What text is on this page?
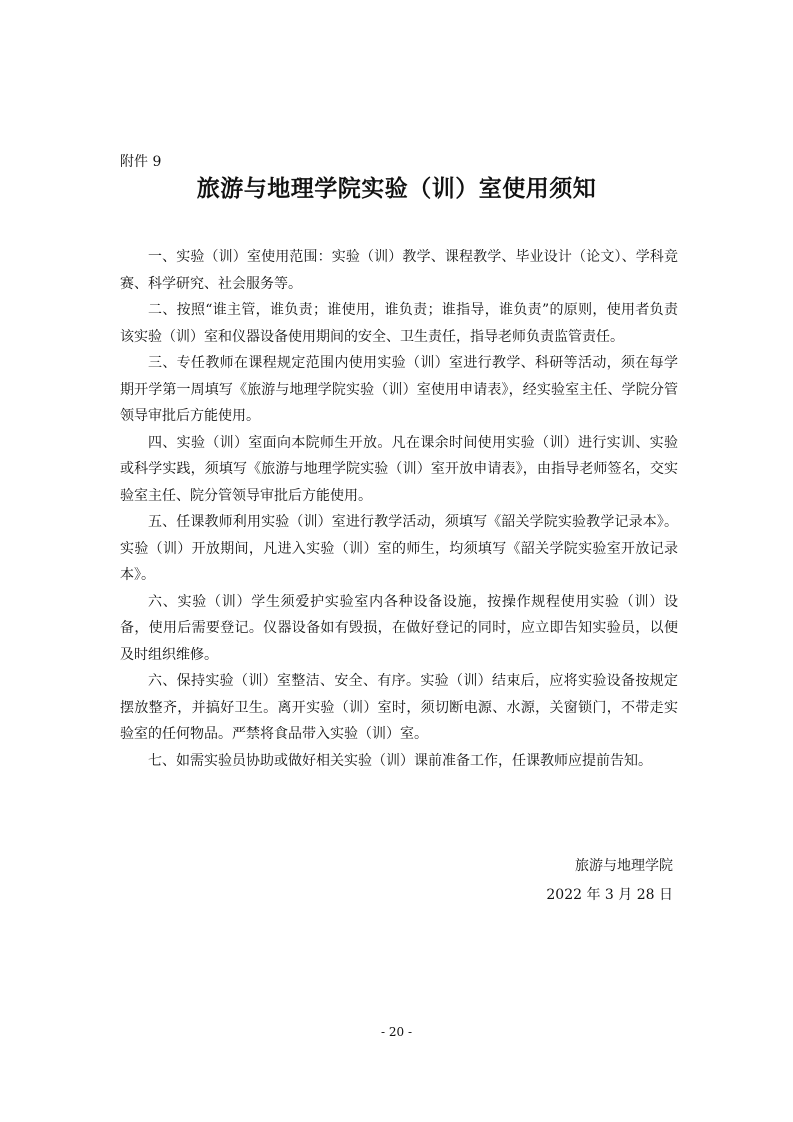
附件 9
旅游与地理学院实验（训）室使用须知

一、实验（训）室使用范围：实验（训）教学、课程教学、毕业设计（论文）、学科竞赛、科学研究、社会服务等。

二、按照“谁主管，谁负责；谁使用，谁负责；谁指导，谁负责”的原则，使用者负责该实验（训）室和仪器设备使用期间的安全、卫生责任，指导老师负责监管责任。

三、专任教师在课程规定范围内使用实验（训）室进行教学、科研等活动，须在每学期开学第一周填写《旅游与地理学院实验（训）室使用申请表》，经实验室主任、学院分管领导审批后方能使用。

四、实验（训）室面向本院师生开放。凡在课余时间使用实验（训）进行实训、实验或科学实践，须填写《旅游与地理学院实验（训）室开放申请表》，由指导老师签名，交实验室主任、院分管领导审批后方能使用。

五、任课教师利用实验（训）室进行教学活动，须填写《韶关学院实验教学记录本》。实验（训）开放期间，凡进入实验（训）室的师生，均须填写《韶关学院实验室开放记录本》。

六、实验（训）学生须爱护实验室内各种设备设施，按操作规程使用实验（训）设备，使用后需要登记。仪器设备如有毁损，在做好登记的同时，应立即告知实验员，以便及时组织维修。

六、保持实验（训）室整洁、安全、有序。实验（训）结束后，应将实验设备按规定摆放整齐，并搞好卫生。离开实验（训）室时，须切断电源、水源，关窗锁门，不带走实验室的任何物品。严禁将食品带入实验（训）室。

七、如需实验员协助或做好相关实验（训）课前准备工作，任课教师应提前告知。

旅游与地理学院
2022 年 3 月 28 日
- 20 -
